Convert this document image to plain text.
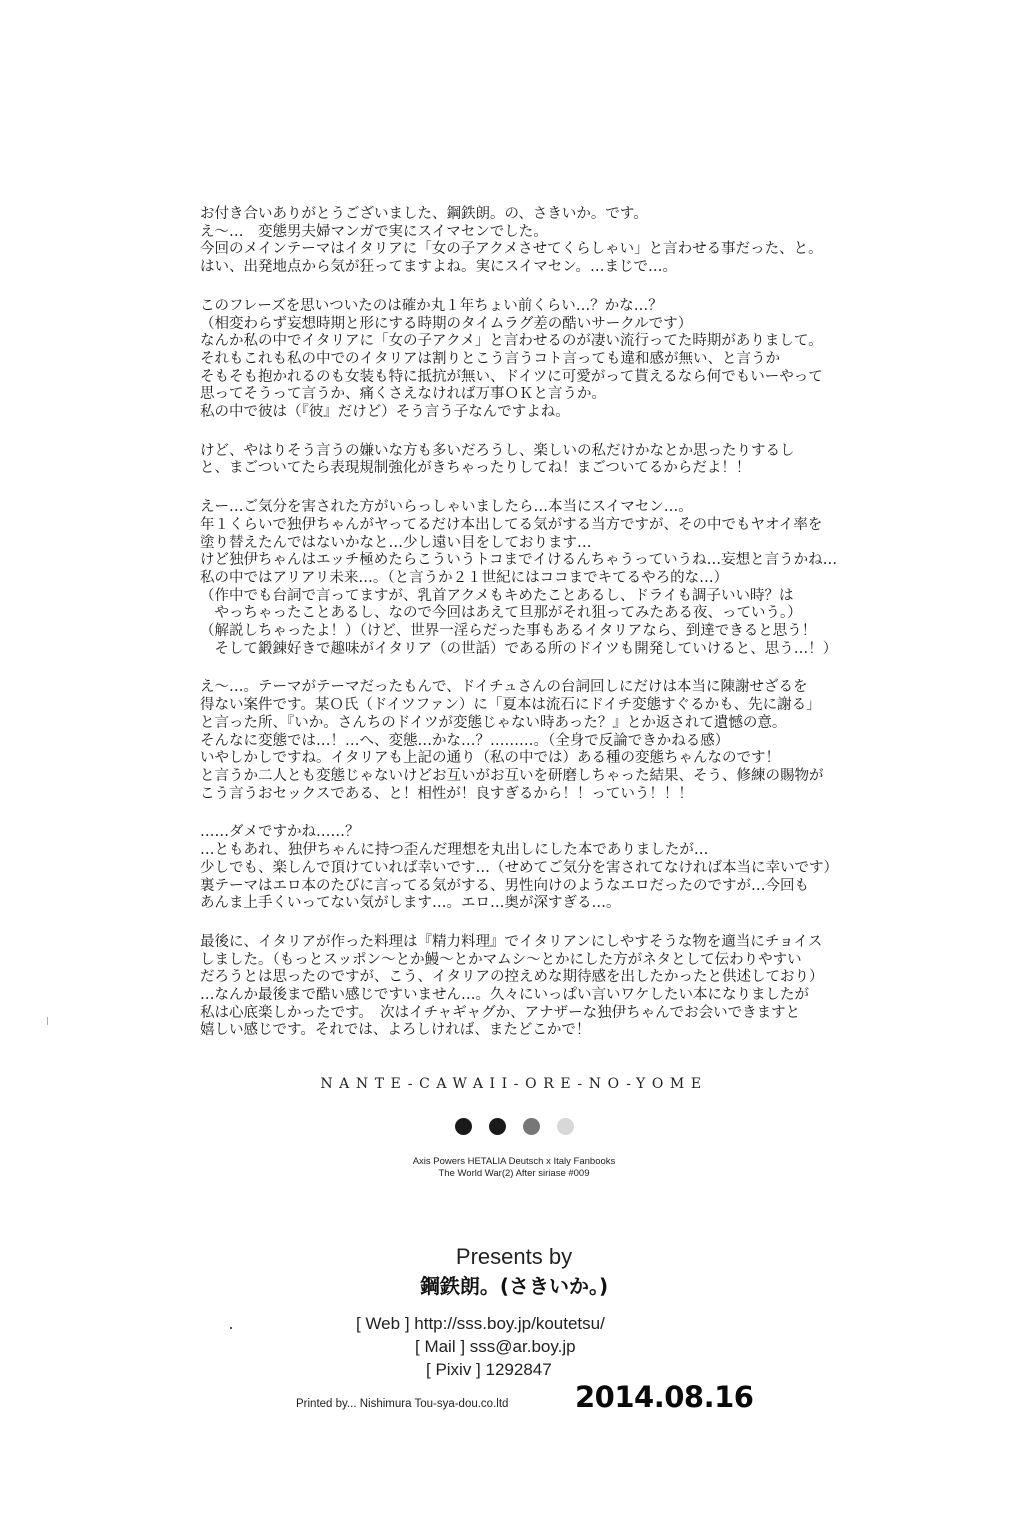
お付き合いありがとうございました、鋼鉄朗。の、さきいか。です。
え～…　変態男夫婦マンガで実にスイマセンでした。
今回のメインテーマはイタリアに「女の子アクメさせてくらしゃい」と言わせる事だった、と。
はい、出発地点から気が狂ってますよね。実にスイマセン。…まじで…。
このフレーズを思いついたのは確か丸１年ちょい前くらい…？かな…？
（相変わらず妄想時期と形にする時期のタイムラグ差の酷いサークルです）
なんか私の中でイタリアに「女の子アクメ」と言わせるのが凄い流行ってた時期がありまして。
それもこれも私の中でのイタリアは割りとこう言うコト言っても違和感が無い、と言うか
そもそも抱かれるのも女装も特に抵抗が無い、ドイツに可愛がって貰えるなら何でもいーやって
思ってそうって言うか、痛くさえなければ万事ＯＫと言うか。
私の中で彼は（『彼』だけど）そう言う子なんですよね。
けど、やはりそう言うの嫌いな方も多いだろうし、楽しいの私だけかなとか思ったりするし
と、まごついてたら表現規制強化がきちゃったりしてね！まごついてるからだよ！！
えー…ご気分を害された方がいらっしゃいましたら…本当にスイマセン…。
年１くらいで独伊ちゃんがヤってるだけ本出してる気がする当方ですが、その中でもヤオイ率を
塗り替えたんではないかなと…少し遠い目をしております…
けど独伊ちゃんはエッチ極めたらこういうトコまでイけるんちゃうっていうね…妄想と言うかね…
私の中ではアリアリ未来…。（と言うか２１世紀にはココまでキてるやろ的な…）
（作中でも台詞で言ってますが、乳首アクメもキめたことあるし、ドライも調子いい時？は
　やっちゃったことあるし、なので今回はあえて旦那がそれ狙ってみたある夜、っていう。）
（解説しちゃったよ！）（けど、世界一淫らだった事もあるイタリアなら、到達できると思う！
　そして鍛錬好きで趣味がイタリア（の世話）である所のドイツも開発していけると、思う…！）
え～…。テーマがテーマだったもんで、ドイチュさんの台詞回しにだけは本当に陳謝せざるを
得ない案件です。某Ｏ氏（ドイツファン）に「夏本は流石にドイチ変態すぐるかも、先に謝る」
と言った所、『いか。さんちのドイツが変態じゃない時あった？』とか返されて遺憾の意。
そんなに変態では…！…へ、変態…かな…？………。（全身で反論できかねる感）
いやしかしですね。イタリアも上記の通り（私の中では）ある種の変態ちゃんなのです！
と言うか二人とも変態じゃないけどお互いがお互いを研磨しちゃった結果、そう、修練の賜物が
こう言うおセックスである、と！相性が！良すぎるから！！っていう！！！
……ダメですかね……？
…ともあれ、独伊ちゃんに持つ歪んだ理想を丸出しにした本でありましたが…
少しでも、楽しんで頂けていれば幸いです…（せめてご気分を害されてなければ本当に幸いです）
裏テーマはエロ本のたびに言ってる気がする、男性向けのようなエロだったのですが…今回も
あんま上手くいってない気がします…。エロ…奥が深すぎる…。
最後に、イタリアが作った料理は『精力料理』でイタリアンにしやすそうな物を適当にチョイス
しました。（もっとスッポン～とか鰻～とかマムシ～とかにした方がネタとして伝わりやすい
だろうとは思ったのですが、こう、イタリアの控えめな期待感を出したかったと供述しており）
…なんか最後まで酷い感じですいません…。久々にいっぱい言いワケしたい本になりましたが
私は心底楽しかったです。　次はイチャギャグか、アナザーな独伊ちゃんでお会いできますと
嬉しい感じです。それでは、よろしければ、またどこかで！
NANTE-CAWAII-ORE-NO-YOME
Axis Powers HETALIA Deutsch x Italy Fanbooks
The World War(2) After siriase #009
Presents by
鋼鉄朗。(さきいか。)
[ Web ] http://sss.boy.jp/koutetsu/
[ Mail ] sss@ar.boy.jp
[ Pixiv ] 1292847
Printed by... Nishimura Tou-sya-dou.co.ltd 2014.08.16
